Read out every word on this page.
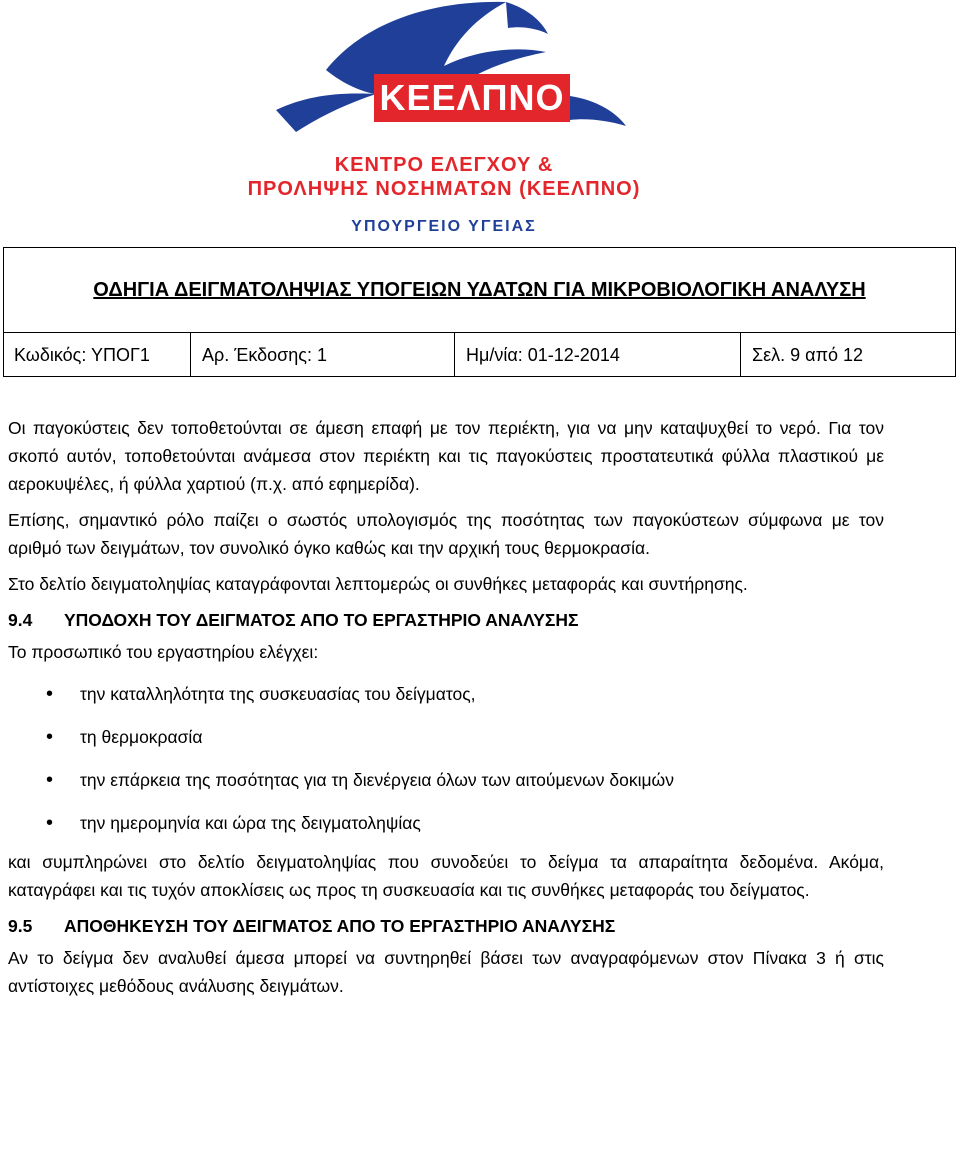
ΚΕΕΛΠΝΟ
ΚΕΝΤΡΟ ΕΛΕΓΧΟΥ &
ΠΡΟΛΗΨΗΣ ΝΟΣΗΜΑΤΩΝ (ΚΕΕΛΠΝΟ)
ΥΠΟΥΡΓΕΙΟ ΥΓΕΙΑΣ
ΟΔΗΓΙΑ ΔΕΙΓΜΑΤΟΛΗΨΙΑΣ ΥΠΟΓΕΙΩΝ ΥΔΑΤΩΝ ΓΙΑ ΜΙΚΡΟΒΙΟΛΟΓΙΚΗ ΑΝΑΛΥΣΗ
Κωδικός: ΥΠΟΓ1	Αρ. Έκδοσης: 1	Ημ/νία: 01-12-2014	Σελ. 9 από 12

Οι παγοκύστεις δεν τοποθετούνται σε άμεση επαφή με τον περιέκτη, για να μην καταψυχθεί το νερό. Για τον σκοπό αυτόν, τοποθετούνται ανάμεσα στον περιέκτη και τις παγοκύστεις προστατευτικά φύλλα πλαστικού με αεροκυψέλες, ή φύλλα χαρτιού (π.χ. από εφημερίδα).

Επίσης, σημαντικό ρόλο παίζει ο σωστός υπολογισμός της ποσότητας των παγοκύστεων σύμφωνα με τον αριθμό των δειγμάτων, τον συνολικό όγκο καθώς και την αρχική τους θερμοκρασία.

Στο δελτίο δειγματοληψίας καταγράφονται λεπτομερώς οι συνθήκες μεταφοράς και συντήρησης.

9.4 ΥΠΟΔΟΧΗ ΤΟΥ ΔΕΙΓΜΑΤΟΣ ΑΠΟ ΤΟ ΕΡΓΑΣΤΗΡΙΟ ΑΝΑΛΥΣΗΣ

Το προσωπικό του εργαστηρίου ελέγχει:

• την καταλληλότητα της συσκευασίας του δείγματος,
• τη θερμοκρασία
• την επάρκεια της ποσότητας για τη διενέργεια όλων των αιτούμενων δοκιμών
• την ημερομηνία και ώρα της δειγματοληψίας

και συμπληρώνει στο δελτίο δειγματοληψίας που συνοδεύει το δείγμα τα απαραίτητα δεδομένα. Ακόμα, καταγράφει και τις τυχόν αποκλίσεις ως προς τη συσκευασία και τις συνθήκες μεταφοράς του δείγματος.

9.5 ΑΠΟΘΗΚΕΥΣΗ ΤΟΥ ΔΕΙΓΜΑΤΟΣ ΑΠΟ ΤΟ ΕΡΓΑΣΤΗΡΙΟ ΑΝΑΛΥΣΗΣ

Αν το δείγμα δεν αναλυθεί άμεσα μπορεί να συντηρηθεί βάσει των αναγραφόμενων στον Πίνακα 3 ή στις αντίστοιχες μεθόδους ανάλυσης δειγμάτων.
